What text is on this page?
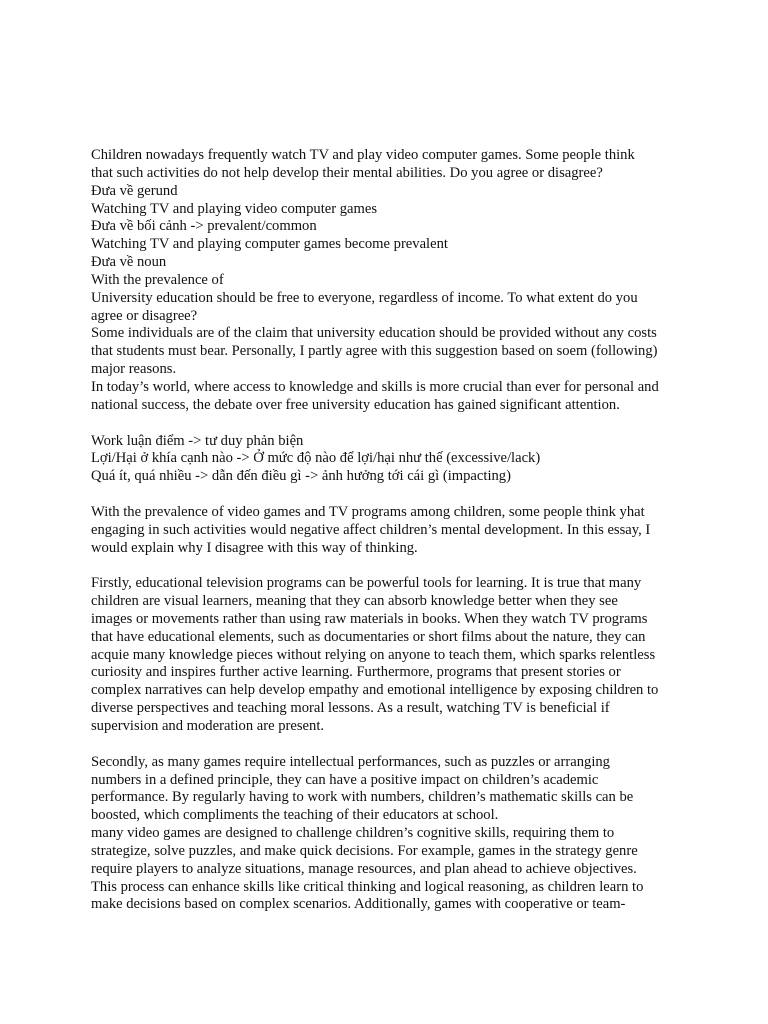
Children nowadays frequently watch TV and play video computer games. Some people think
that such activities do not help develop their mental abilities. Do you agree or disagree?
Đưa về gerund
Watching TV and playing video computer games
Đưa về bối cảnh -> prevalent/common
Watching TV and playing computer games become prevalent
Đưa về noun
With the prevalence of
University education should be free to everyone, regardless of income. To what extent do you
agree or disagree?
Some individuals are of the claim that university education should be provided without any costs
that students must bear. Personally, I partly agree with this suggestion based on soem (following)
major reasons.
In today’s world, where access to knowledge and skills is more crucial than ever for personal and
national success, the debate over free university education has gained significant attention.
Work luận điểm -> tư duy phản biện
Lợi/Hại ở khía cạnh nào -> Ở mức độ nào để lợi/hại như thế (excessive/lack)
Quá ít, quá nhiều -> dẫn đến điều gì -> ảnh hưởng tới cái gì (impacting)
With the prevalence of video games and TV programs among children, some people think yhat
engaging in such activities would negative affect children’s mental development. In this essay, I
would explain why I disagree with this way of thinking.
Firstly, educational television programs can be powerful tools for learning. It is true that many
children are visual learners, meaning that they can absorb knowledge better when they see
images or movements rather than using raw materials in books. When they watch TV programs
that have educational elements, such as documentaries or short films about the nature, they can
acquie many knowledge pieces without relying on anyone to teach them, which sparks relentless
curiosity and inspires further active learning. Furthermore, programs that present stories or
complex narratives can help develop empathy and emotional intelligence by exposing children to
diverse perspectives and teaching moral lessons. As a result, watching TV is beneficial if
supervision and moderation are present.
Secondly, as many games require intellectual performances, such as puzzles or arranging
numbers in a defined principle, they can have a positive impact on children’s academic
performance. By regularly having to work with numbers, children’s mathematic skills can be
boosted, which compliments the teaching of their educators at school.
many video games are designed to challenge children’s cognitive skills, requiring them to
strategize, solve puzzles, and make quick decisions. For example, games in the strategy genre
require players to analyze situations, manage resources, and plan ahead to achieve objectives.
This process can enhance skills like critical thinking and logical reasoning, as children learn to
make decisions based on complex scenarios. Additionally, games with cooperative or team-
